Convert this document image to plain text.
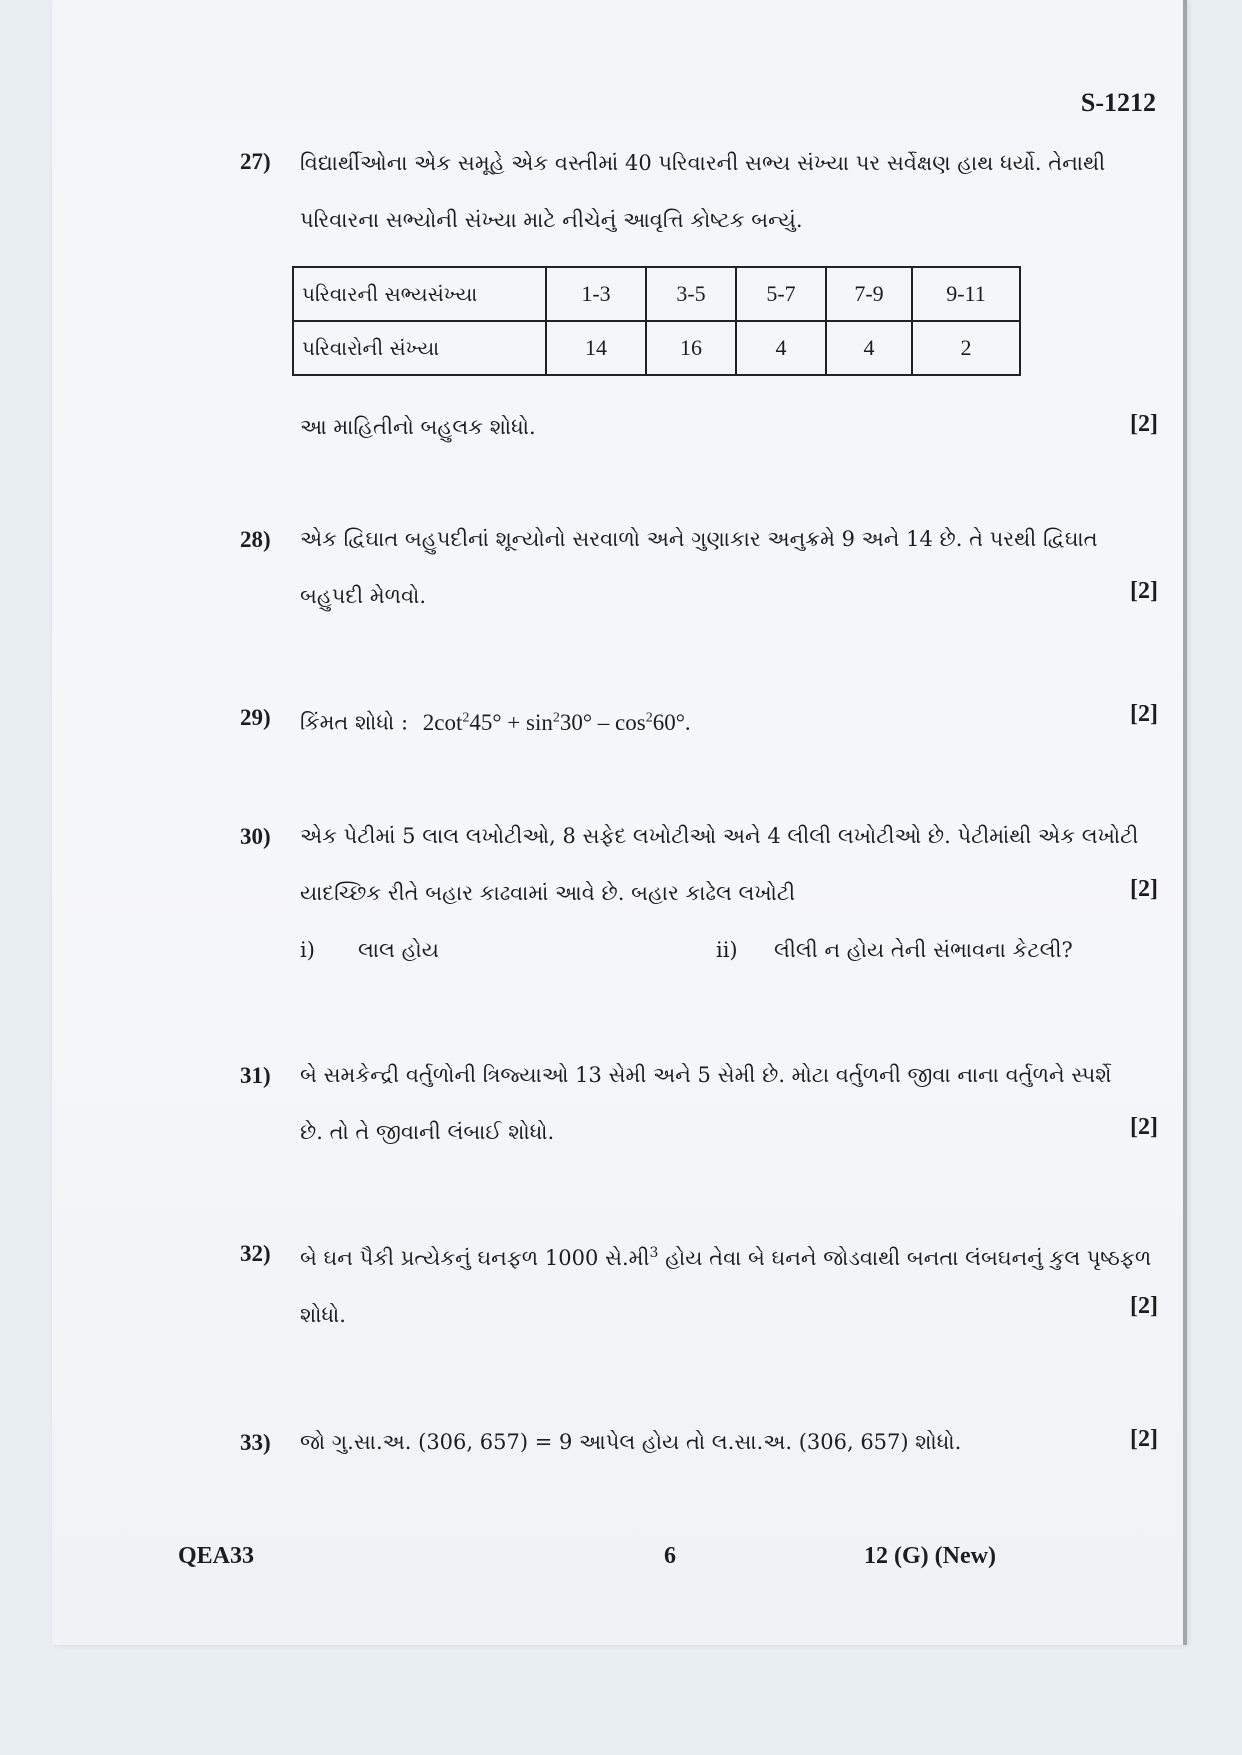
S-1212
27) વિદ્યાર્થીઓના એક સમૂહે એક વસ્તીમાં 40 પરિવારની સભ્ય સંખ્યા પર સર્વેક્ષણ હાથ ધર્યો. તેનાથી
પરિવારના સભ્યોની સંખ્યા માટે નીચેનું આવૃત્તિ કોષ્ટક બન્યું.
પરિવારની સભ્યસંખ્યા	1-3	3-5	5-7	7-9	9-11
પરિવારોની સંખ્યા	14	16	4	4	2
આ માહિતીનો બહુલક શોધો.	[2]
28) એક દ્વિઘાત બહુપદીનાં શૂન્યોનો સરવાળો અને ગુણાકાર અનુક્રમે 9 અને 14 છે. તે પરથી દ્વિઘાત
બહુપદી મેળવો.	[2]
29) કિંમત શોધો : $2\cot^245^\circ + \sin^230^\circ - \cos^260^\circ$.	[2]
30) એક પેટીમાં 5 લાલ લખોટીઓ, 8 સફેદ લખોટીઓ અને 4 લીલી લખોટીઓ છે. પેટીમાંથી એક લખોટી
યાદચ્છિક રીતે બહાર કાઢવામાં આવે છે. બહાર કાઢેલ લખોટી
i) લાલ હોય	ii) લીલી ન હોય તેની સંભાવના કેટલી?
[2]
31) બે સમકેન્દ્રી વર્તુળોની ત્રિજ્યાઓ 13 સેમી અને 5 સેમી છે. મોટા વર્તુળની જીવા નાના વર્તુળને સ્પર્શે
છે. તો તે જીવાની લંબાઈ શોધો.	[2]
32) બે ઘન પૈકી પ્રત્યેકનું ઘનફળ 1000 સે.મી$^3$ હોય તેવા બે ઘનને જોડવાથી બનતા લંબઘનનું કુલ પૃષ્ઠફળ
શોધો.	[2]
33) જો ગુ.સા.અ. (306, 657) = 9 આપેલ હોય તો લ.સા.અ. (306, 657) શોધો.	[2]
QEA33	6	12 (G) (New)
